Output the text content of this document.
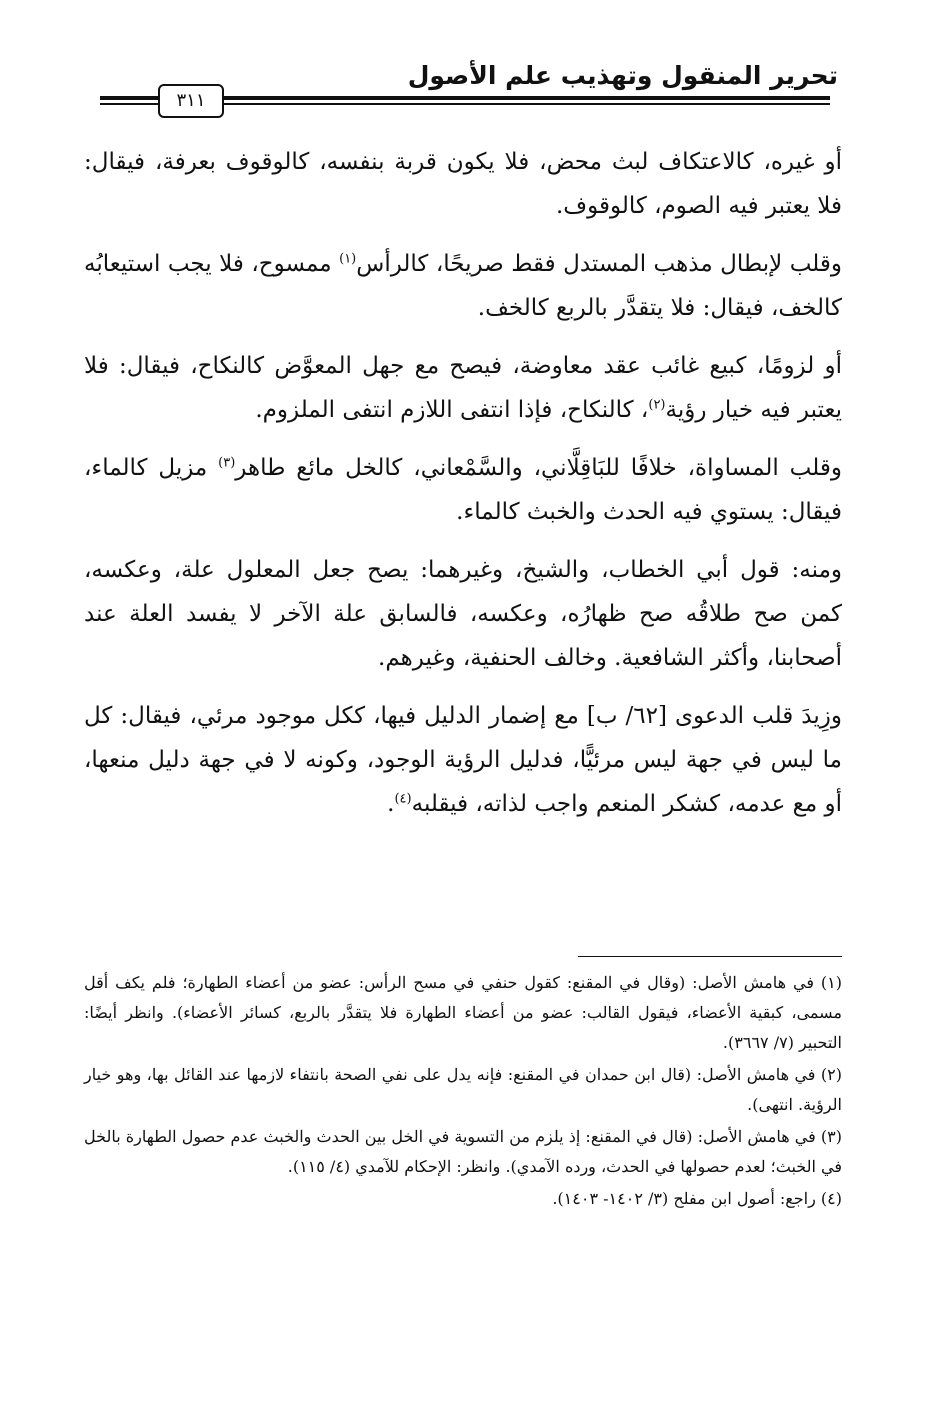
تحرير المنقول وتهذيب علم الأصول
٣١١

أو غيره، كالاعتكاف لبث محض، فلا يكون قربة بنفسه، كالوقوف بعرفة، فيقال: فلا يعتبر فيه الصوم، كالوقوف.

وقلب لإبطال مذهب المستدل فقط صريحًا، كالرأس$^{(١)}$ ممسوح، فلا يجب استيعابُه كالخف، فيقال: فلا يتقدَّر بالربع كالخف.

أو لزومًا، كبيع غائب عقد معاوضة، فيصح مع جهل المعوَّض كالنكاح، فيقال: فلا يعتبر فيه خيار رؤية$^{(٢)}$، كالنكاح، فإذا انتفى اللازم انتفى الملزوم.

وقلب المساواة، خلافًا للبَاقِلَّاني، والسَّمْعاني، كالخل مائع طاهر$^{(٣)}$ مزيل كالماء، فيقال: يستوي فيه الحدث والخبث كالماء.

ومنه: قول أبي الخطاب، والشيخ، وغيرهما: يصح جعل المعلول علة، وعكسه، كمن صح طلاقُه صح ظهارُه، وعكسه، فالسابق علة الآخر لا يفسد العلة عند أصحابنا، وأكثر الشافعية. وخالف الحنفية، وغيرهم.

وزِيدَ قلب الدعوى [٦٢/ ب] مع إضمار الدليل فيها، ككل موجود مرئي، فيقال: كل ما ليس في جهة ليس مرئيًّا، فدليل الرؤية الوجود، وكونه لا في جهة دليل منعها، أو مع عدمه، كشكر المنعم واجب لذاته، فيقلبه$^{(٤)}$.

(١) في هامش الأصل: (وقال في المقنع: كقول حنفي في مسح الرأس: عضو من أعضاء الطهارة؛ فلم يكف أقل مسمى، كبقية الأعضاء، فيقول القالب: عضو من أعضاء الطهارة فلا يتقدَّر بالربع، كسائر الأعضاء). وانظر أيضًا: التحبير (٧/ ٣٦٦٧).

(٢) في هامش الأصل: (قال ابن حمدان في المقنع: فإنه يدل على نفي الصحة بانتفاء لازمها عند القائل بها، وهو خيار الرؤية. انتهى).

(٣) في هامش الأصل: (قال في المقنع: إذ يلزم من التسوية في الخل بين الحدث والخبث عدم حصول الطهارة بالخل في الخبث؛ لعدم حصولها في الحدث، ورده الآمدي). وانظر: الإحكام للآمدي (٤/ ١١٥).

(٤) راجع: أصول ابن مفلح (٣/ ١٤٠٢- ١٤٠٣).
